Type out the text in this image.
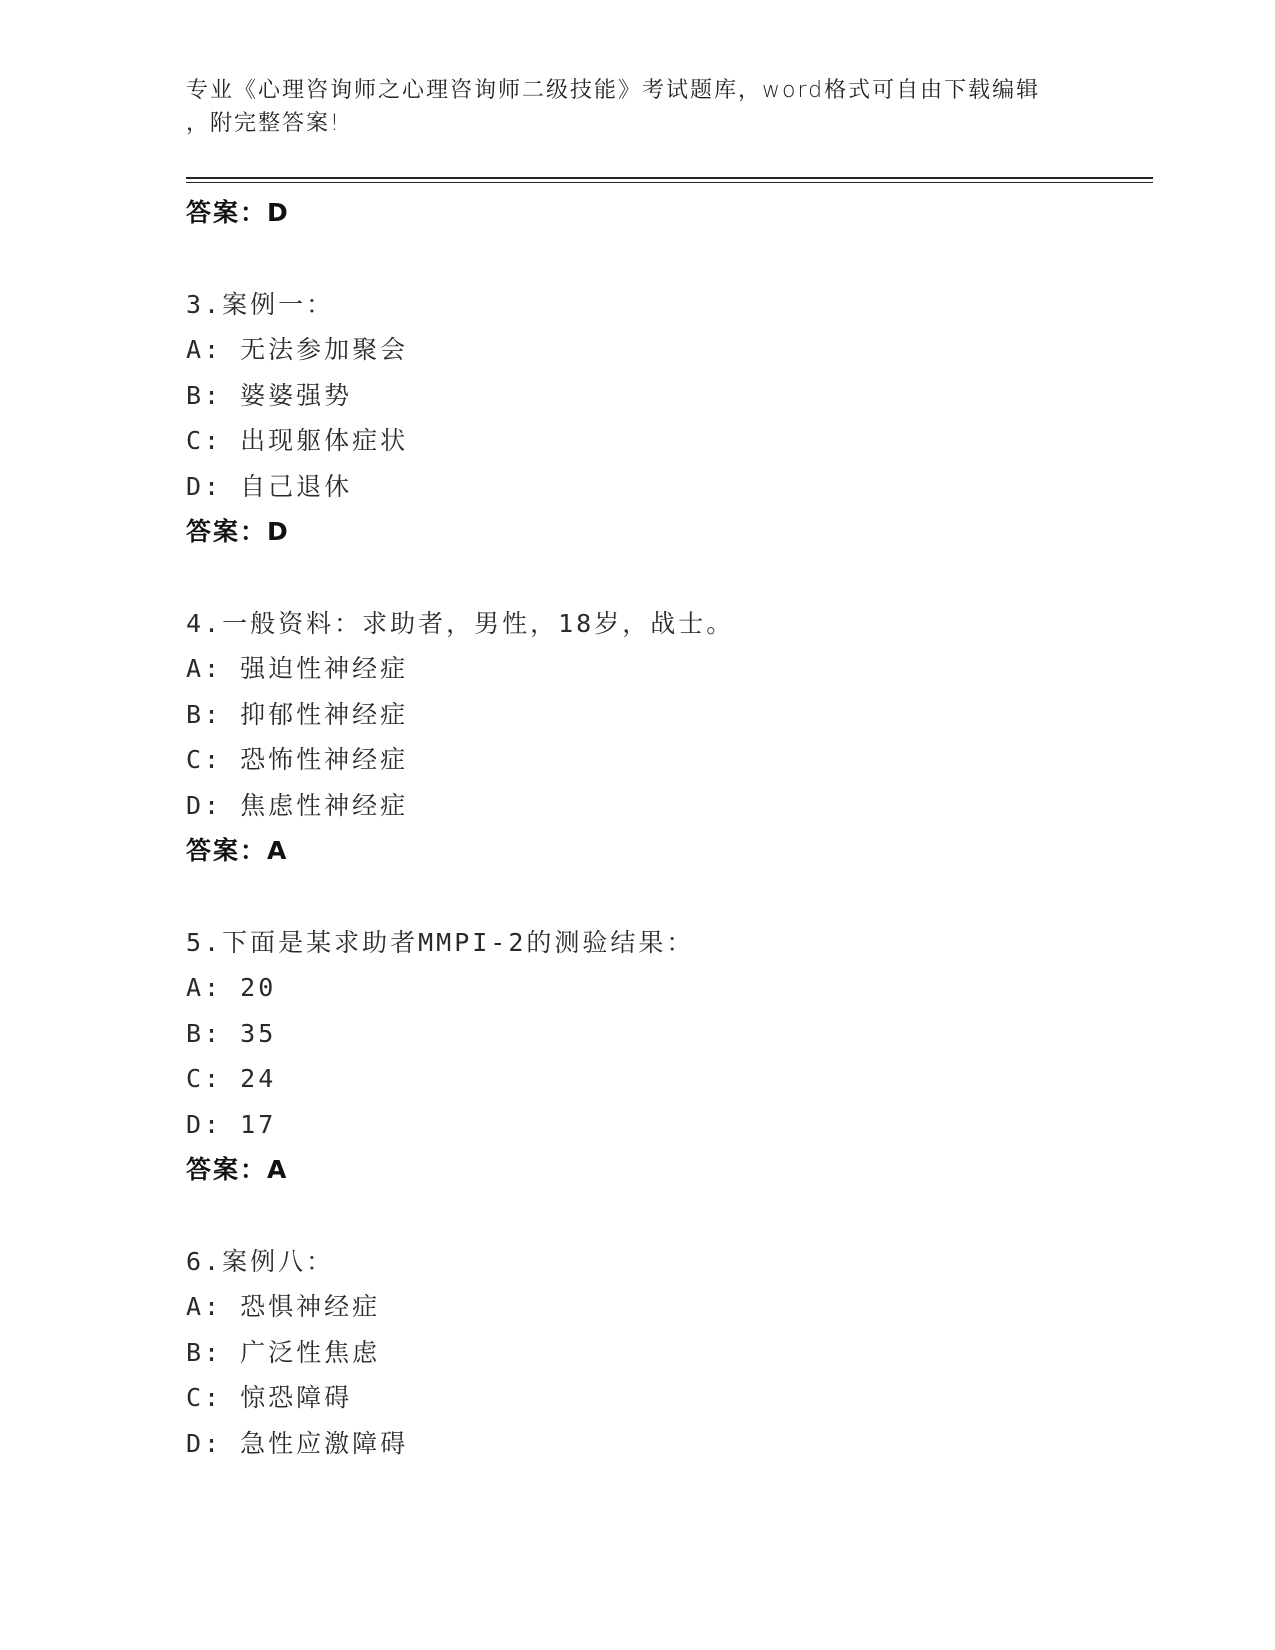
专业《心理咨询师之心理咨询师二级技能》考试题库，word格式可自由下载编辑
，附完整答案!
答案：D
3.案例一：
A: 无法参加聚会
B: 婆婆强势
C: 出现躯体症状
D: 自己退休
答案：D
4.一般资料：求助者，男性，18岁，战士。
A: 强迫性神经症
B: 抑郁性神经症
C: 恐怖性神经症
D: 焦虑性神经症
答案：A
5.下面是某求助者MMPI-2的测验结果：
A: 20
B: 35
C: 24
D: 17
答案：A
6.案例八：
A: 恐惧神经症
B: 广泛性焦虑
C: 惊恐障碍
D: 急性应激障碍
